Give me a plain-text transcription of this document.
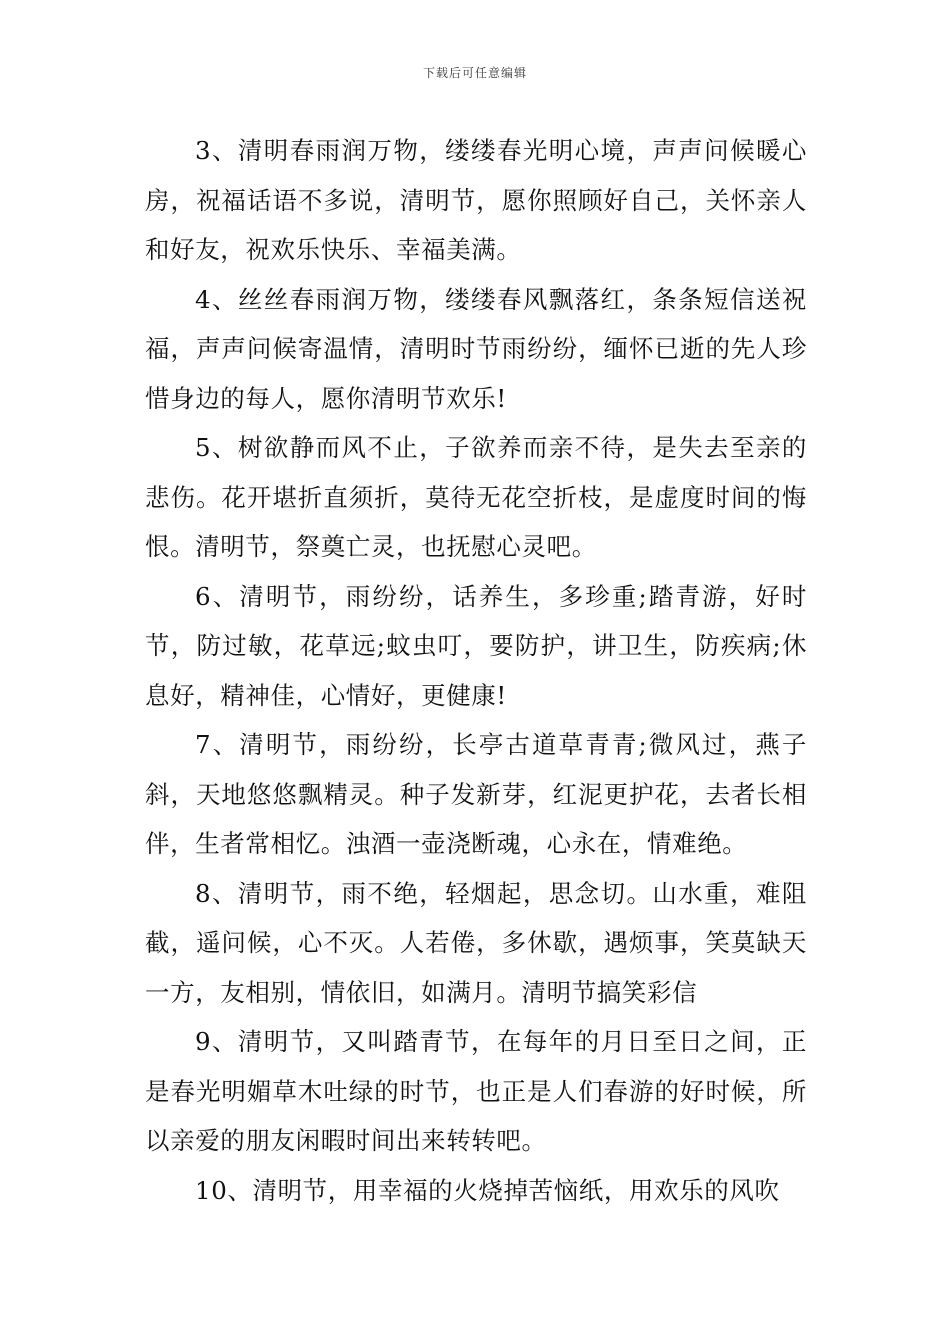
下载后可任意编辑

3、清明春雨润万物，缕缕春光明心境，声声问候暖心房，祝福话语不多说，清明节，愿你照顾好自己，关怀亲人和好友，祝欢乐快乐、幸福美满。

4、丝丝春雨润万物，缕缕春风飘落红，条条短信送祝福，声声问候寄温情，清明时节雨纷纷，缅怀已逝的先人珍惜身边的每人，愿你清明节欢乐!

5、树欲静而风不止，子欲养而亲不待，是失去至亲的悲伤。花开堪折直须折，莫待无花空折枝，是虚度时间的悔恨。清明节，祭奠亡灵，也抚慰心灵吧。

6、清明节，雨纷纷，话养生，多珍重;踏青游，好时节，防过敏，花草远;蚊虫叮，要防护，讲卫生，防疾病;休息好，精神佳，心情好，更健康!

7、清明节，雨纷纷，长亭古道草青青;微风过，燕子斜，天地悠悠飘精灵。种子发新芽，红泥更护花，去者长相伴，生者常相忆。浊酒一壶浇断魂，心永在，情难绝。

8、清明节，雨不绝，轻烟起，思念切。山水重，难阻截，遥问候，心不灭。人若倦，多休歇，遇烦事，笑莫缺天一方，友相别，情依旧，如满月。清明节搞笑彩信

9、清明节，又叫踏青节，在每年的月日至日之间，正是春光明媚草木吐绿的时节，也正是人们春游的好时候，所以亲爱的朋友闲暇时间出来转转吧。

10、清明节，用幸福的火烧掉苦恼纸，用欢乐的风吹
